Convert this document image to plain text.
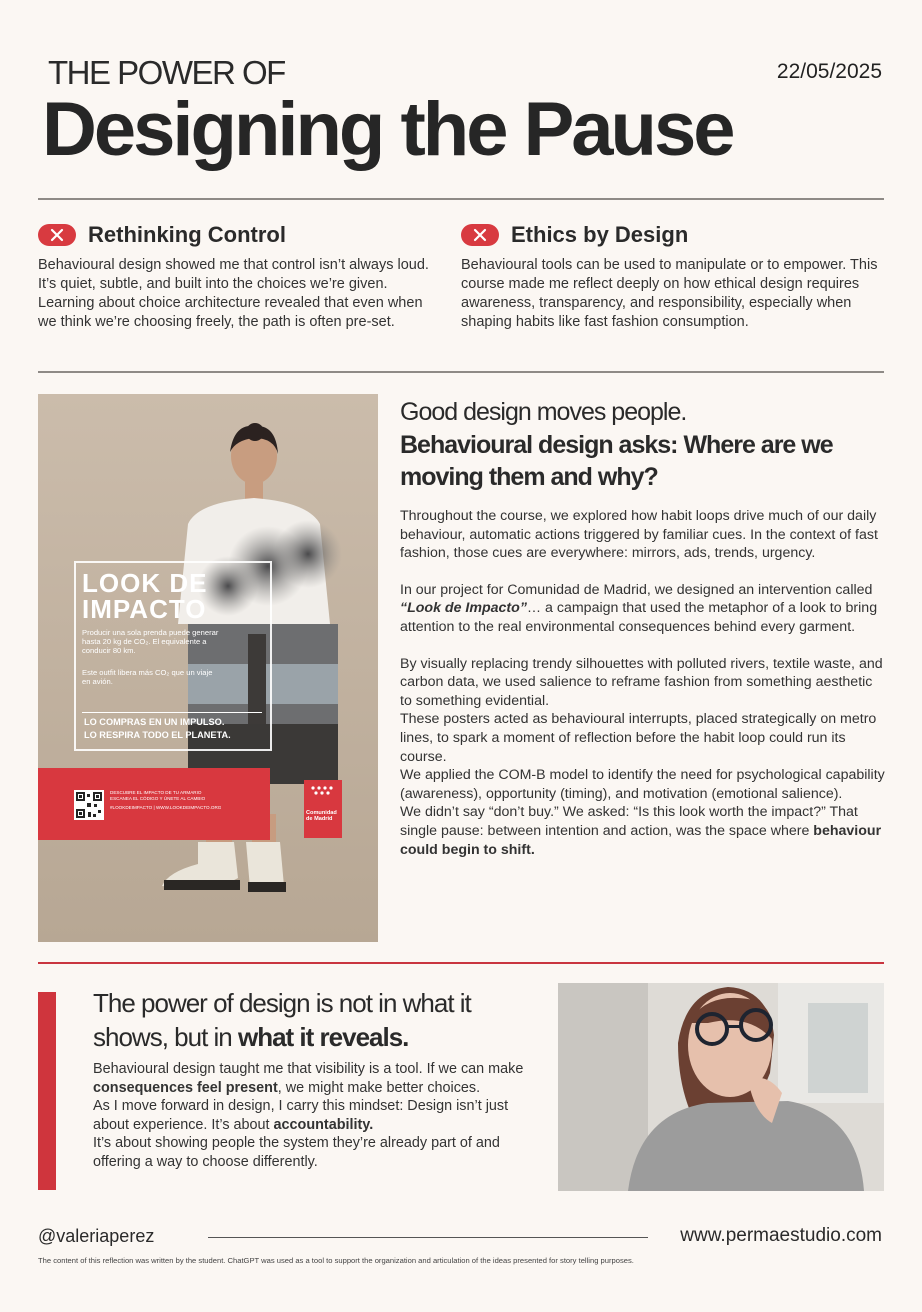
THE POWER OF	22/05/2025
Designing the Pause
Rethinking Control
Behavioural design showed me that control isn’t always loud. It’s quiet, subtle, and built into the choices we’re given. Learning about choice architecture revealed that even when we think we’re choosing freely, the path is often pre-set.
Ethics by Design
Behavioural tools can be used to manipulate or to empower. This course made me reflect deeply on how ethical design requires awareness, transparency, and responsibility, especially when shaping habits like fast fashion consumption.
LOOK DE
IMPACTO
Producir una sola prenda puede generar hasta 20 kg de CO₂. El equivalente a conducir 80 km.
Este outfit libera más CO₂ que un viaje en avión.
LO COMPRAS EN UN IMPULSO.
LO RESPIRA TODO EL PLANETA.
Comunidad de Madrid
DESCUBRE EL IMPACTO DE TU ARMARIO
ESCANEA EL CÓDIGO Y ÚNETE AL CAMBIO
#LOOKDEIMPACTO | WWW.LOOKDEIMPACTO.ORG
Good design moves people.
Behavioural design asks: Where are we moving them and why?

Throughout the course, we explored how habit loops drive much of our daily behaviour, automatic actions triggered by familiar cues. In the context of fast fashion, those cues are everywhere: mirrors, ads, trends, urgency.

In our project for Comunidad de Madrid, we designed an intervention called “Look de Impacto”… a campaign that used the metaphor of a look to bring attention to the real environmental consequences behind every garment.

By visually replacing trendy silhouettes with polluted rivers, textile waste, and carbon data, we used salience to reframe fashion from something aesthetic to something evidential.

These posters acted as behavioural interrupts, placed strategically on metro lines, to spark a moment of reflection before the habit loop could run its course.

We applied the COM-B model to identify the need for psychological capability (awareness), opportunity (timing), and motivation (emotional salience).

We didn’t say “don’t buy.” We asked: “Is this look worth the impact?” That single pause: between intention and action, was the space where behaviour could begin to shift.

The power of design is not in what it shows, but in what it reveals.

Behavioural design taught me that visibility is a tool. If we can make consequences feel present, we might make better choices.

As I move forward in design, I carry this mindset: Design isn’t just about experience. It’s about accountability.

It’s about showing people the system they’re already part of and offering a way to choose differently.

@valeriaperez	www.permaestudio.com
The content of this reflection was written by the student. ChatGPT was used as a tool to support the organization and articulation of the ideas presented for story telling purposes.
